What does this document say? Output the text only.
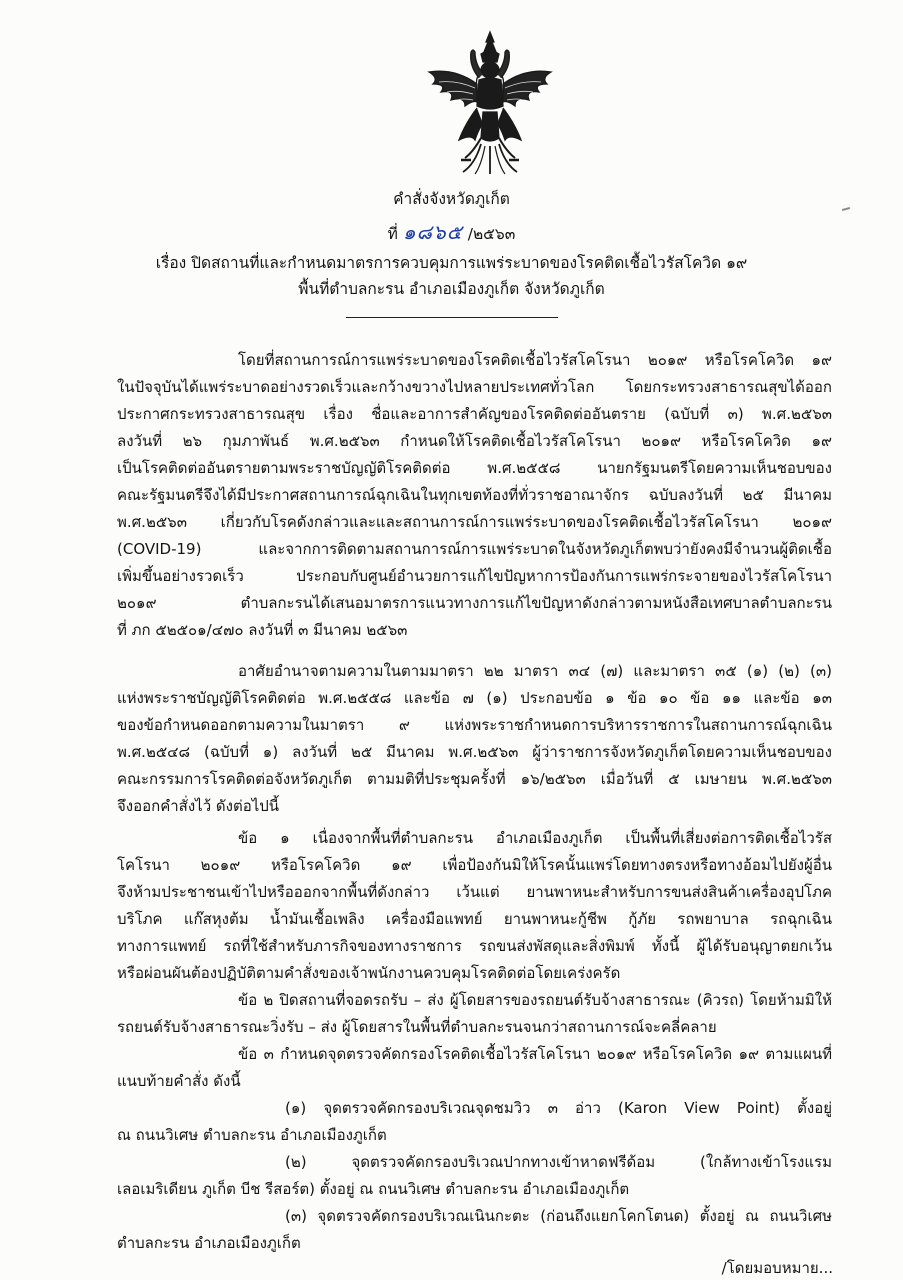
คำสั่งจังหวัดภูเก็ต
ที่ ๑๘๖๕ /๒๕๖๓
เรื่อง ปิดสถานที่และกำหนดมาตรการควบคุมการแพร่ระบาดของโรคติดเชื้อไวรัสโควิด ๑๙
พื้นที่ตำบลกะรน อำเภอเมืองภูเก็ต จังหวัดภูเก็ต
โดยที่สถานการณ์การแพร่ระบาดของโรคติดเชื้อไวรัสโคโรนา ๒๐๑๙ หรือโรคโควิด ๑๙
ในปัจจุบันได้แพร่ระบาดอย่างรวดเร็วและกว้างขวางไปหลายประเทศทั่วโลก โดยกระทรวงสาธารณสุขได้ออก
ประกาศกระทรวงสาธารณสุข เรื่อง ชื่อและอาการสำคัญของโรคติดต่ออันตราย (ฉบับที่ ๓) พ.ศ.๒๕๖๓
ลงวันที่ ๒๖ กุมภาพันธ์ พ.ศ.๒๕๖๓ กำหนดให้โรคติดเชื้อไวรัสโคโรนา ๒๐๑๙ หรือโรคโควิด ๑๙
เป็นโรคติดต่ออันตรายตามพระราชบัญญัติโรคติดต่อ พ.ศ.๒๕๕๘ นายกรัฐมนตรีโดยความเห็นชอบของ
คณะรัฐมนตรีจึงได้มีประกาศสถานการณ์ฉุกเฉินในทุกเขตท้องที่ทั่วราชอาณาจักร ฉบับลงวันที่ ๒๕ มีนาคม
พ.ศ.๒๕๖๓ เกี่ยวกับโรคดังกล่าวและและสถานการณ์การแพร่ระบาดของโรคติดเชื้อไวรัสโคโรนา ๒๐๑๙
(COVID-19) และจากการติดตามสถานการณ์การแพร่ระบาดในจังหวัดภูเก็ตพบว่ายังคงมีจำนวนผู้ติดเชื้อ
เพิ่มขึ้นอย่างรวดเร็ว ประกอบกับศูนย์อำนวยการแก้ไขปัญหาการป้องกันการแพร่กระจายของไวรัสโคโรนา
๒๐๑๙ ตำบลกะรนได้เสนอมาตรการแนวทางการแก้ไขปัญหาดังกล่าวตามหนังสือเทศบาลตำบลกะรน
ที่ ภก ๕๒๕๐๑/๔๗๐ ลงวันที่ ๓ มีนาคม ๒๕๖๓
อาศัยอำนาจตามความในตามมาตรา ๒๒ มาตรา ๓๔ (๗) และมาตรา ๓๕ (๑) (๒) (๓)
แห่งพระราชบัญญัติโรคติดต่อ พ.ศ.๒๕๕๘ และข้อ ๗ (๑) ประกอบข้อ ๑ ข้อ ๑๐ ข้อ ๑๑ และข้อ ๑๓
ของข้อกำหนดออกตามความในมาตรา ๙ แห่งพระราชกำหนดการบริหารราชการในสถานการณ์ฉุกเฉิน
พ.ศ.๒๕๔๘ (ฉบับที่ ๑) ลงวันที่ ๒๕ มีนาคม พ.ศ.๒๕๖๓ ผู้ว่าราชการจังหวัดภูเก็ตโดยความเห็นชอบของ
คณะกรรมการโรคติดต่อจังหวัดภูเก็ต ตามมติที่ประชุมครั้งที่ ๑๖/๒๕๖๓ เมื่อวันที่ ๕ เมษายน พ.ศ.๒๕๖๓
จึงออกคำสั่งไว้ ดังต่อไปนี้
ข้อ ๑ เนื่องจากพื้นที่ตำบลกะรน อำเภอเมืองภูเก็ต เป็นพื้นที่เสี่ยงต่อการติดเชื้อไวรัส
โคโรนา ๒๐๑๙ หรือโรคโควิด ๑๙ เพื่อป้องกันมิให้โรคนั้นแพร่โดยทางตรงหรือทางอ้อมไปยังผู้อื่น
จึงห้ามประชาชนเข้าไปหรือออกจากพื้นที่ดังกล่าว เว้นแต่ ยานพาหนะสำหรับการขนส่งสินค้าเครื่องอุปโภค
บริโภค แก๊สหุงต้ม น้ำมันเชื้อเพลิง เครื่องมือแพทย์ ยานพาหนะกู้ชีพ กู้ภัย รถพยาบาล รถฉุกเฉิน
ทางการแพทย์ รถที่ใช้สำหรับภารกิจของทางราชการ รถขนส่งพัสดุและสิ่งพิมพ์ ทั้งนี้ ผู้ได้รับอนุญาตยกเว้น
หรือผ่อนผันต้องปฏิบัติตามคำสั่งของเจ้าพนักงานควบคุมโรคติดต่อโดยเคร่งครัด
ข้อ ๒ ปิดสถานที่จอดรถรับ – ส่ง ผู้โดยสารของรถยนต์รับจ้างสาธารณะ (คิวรถ) โดยห้ามมิให้
รถยนต์รับจ้างสาธารณะวิ่งรับ – ส่ง ผู้โดยสารในพื้นที่ตำบลกะรนจนกว่าสถานการณ์จะคลี่คลาย
ข้อ ๓ กำหนดจุดตรวจคัดกรองโรคติดเชื้อไวรัสโคโรนา ๒๐๑๙ หรือโรคโควิด ๑๙ ตามแผนที่
แนบท้ายคำสั่ง ดังนี้
(๑) จุดตรวจคัดกรองบริเวณจุดชมวิว ๓ อ่าว (Karon View Point) ตั้งอยู่
ณ ถนนวิเศษ ตำบลกะรน อำเภอเมืองภูเก็ต
(๒) จุดตรวจคัดกรองบริเวณปากทางเข้าหาดฟรีด้อม (ใกล้ทางเข้าโรงแรม
เลอเมริเดียน ภูเก็ต บีช รีสอร์ต) ตั้งอยู่ ณ ถนนวิเศษ ตำบลกะรน อำเภอเมืองภูเก็ต
(๓) จุดตรวจคัดกรองบริเวณเนินกะตะ (ก่อนถึงแยกโคกโตนด) ตั้งอยู่ ณ ถนนวิเศษ
ตำบลกะรน อำเภอเมืองภูเก็ต
/โดยมอบหมาย...
